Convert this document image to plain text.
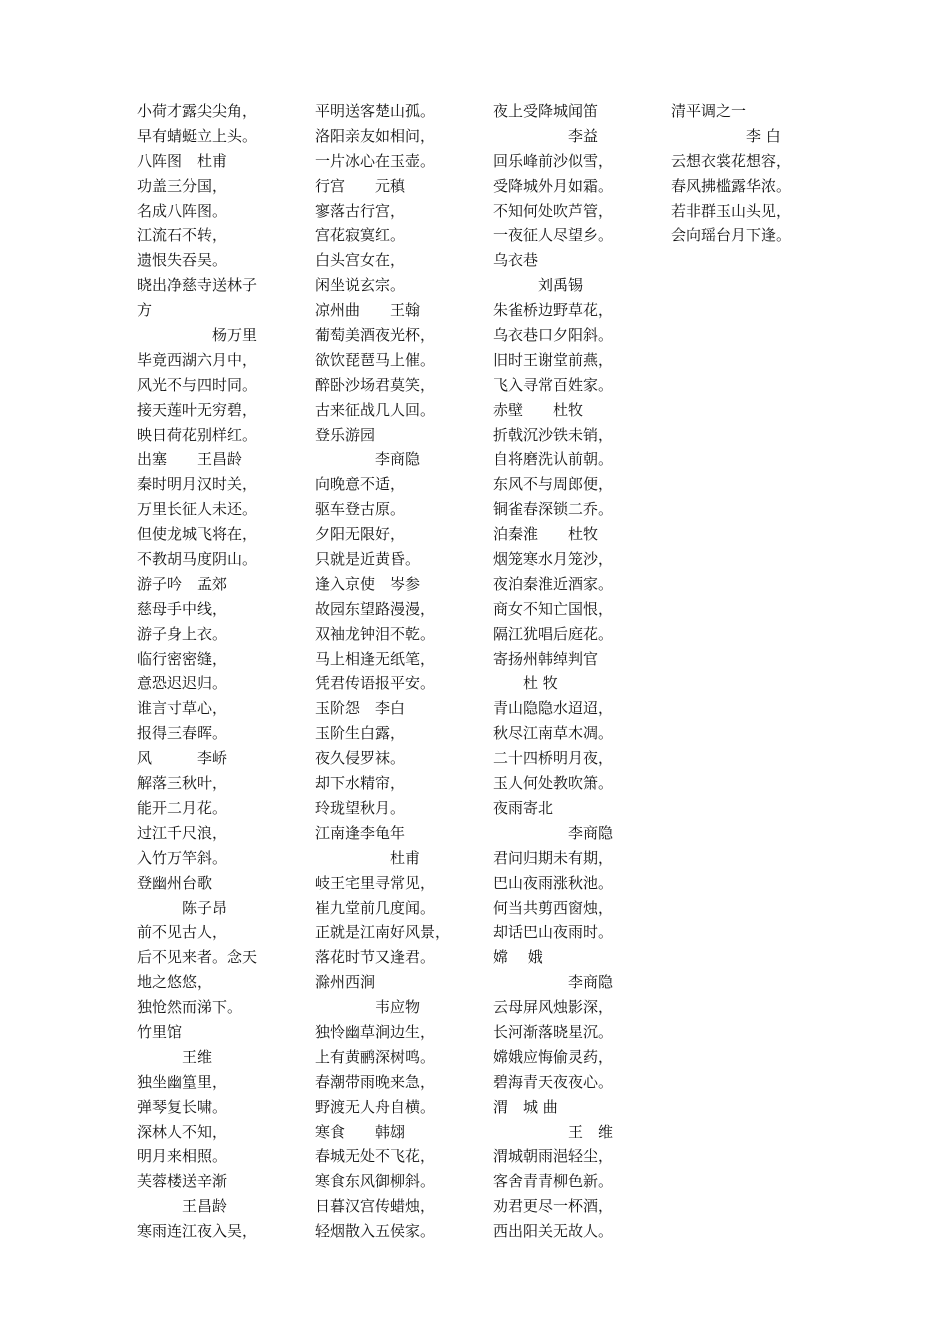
小荷才露尖尖角，
早有蜻蜓立上头。
八阵图　杜甫
功盖三分国，
名成八阵图。
江流石不转，
遗恨失吞吴。
晓出净慈寺送林子
方
　　　　　杨万里
毕竟西湖六月中，
风光不与四时同。
接天莲叶无穷碧，
映日荷花别样红。
出塞　　王昌龄
秦时明月汉时关，
万里长征人未还。
但使龙城飞将在，
不教胡马度阴山。
游子吟　孟郊
慈母手中线，
游子身上衣。
临行密密缝，
意恐迟迟归。
谁言寸草心，
报得三春晖。
风　　　李峤
解落三秋叶，
能开二月花。
过江千尺浪，
入竹万竿斜。
登幽州台歌
　　　陈子昂
前不见古人，
后不见来者。念天
地之悠悠，
独怆然而涕下。
竹里馆
　　　王维
独坐幽篁里，
弹琴复长啸。
深林人不知，
明月来相照。
芙蓉楼送辛渐
　　　王昌龄
寒雨连江夜入吴，
平明送客楚山孤。
洛阳亲友如相问，
一片冰心在玉壶。
行宫　　元稹
寥落古行宫，
宫花寂寞红。
白头宫女在，
闲坐说玄宗。
凉州曲　　王翰
葡萄美酒夜光杯，
欲饮琵琶马上催。
醉卧沙场君莫笑，
古来征战几人回。
登乐游园
　　　　李商隐
向晚意不适，
驱车登古原。
夕阳无限好，
只就是近黄昏。
逢入京使　岑参
故园东望路漫漫，
双袖龙钟泪不乾。
马上相逢无纸笔，
凭君传语报平安。
玉阶怨　李白
玉阶生白露，
夜久侵罗袜。
却下水精帘，
玲珑望秋月。
江南逢李龟年
　　　　　杜甫
岐王宅里寻常见，
崔九堂前几度闻。
正就是江南好风景，
落花时节又逢君。
滁州西涧
　　　　韦应物
独怜幽草涧边生，
上有黄鹂深树鸣。
春潮带雨晚来急，
野渡无人舟自横。
寒食　　韩翃
春城无处不飞花，
寒食东风御柳斜。
日暮汉宫传蜡烛，
轻烟散入五侯家。
夜上受降城闻笛
　　　　　李益
回乐峰前沙似雪，
受降城外月如霜。
不知何处吹芦管，
一夜征人尽望乡。
乌衣巷
　　　刘禹锡
朱雀桥边野草花，
乌衣巷口夕阳斜。
旧时王谢堂前燕，
飞入寻常百姓家。
赤壁　　杜牧
折戟沉沙铁未销，
自将磨洗认前朝。
东风不与周郎便，
铜雀春深锁二乔。
泊秦淮　　杜牧
烟笼寒水月笼沙，
夜泊秦淮近酒家。
商女不知亡国恨，
隔江犹唱后庭花。
寄扬州韩绰判官
　　杜 牧
青山隐隐水迢迢，
秋尽江南草木凋。
二十四桥明月夜，
玉人何处教吹箫。
夜雨寄北
　　　　　李商隐
君问归期未有期，
巴山夜雨涨秋池。
何当共剪西窗烛，
却话巴山夜雨时。
嫦　 娥
　　　　　李商隐
云母屏风烛影深，
长河渐落晓星沉。
嫦娥应悔偷灵药，
碧海青天夜夜心。
渭　城 曲
　　　　　王　维
渭城朝雨浥轻尘，
客舍青青柳色新。
劝君更尽一杯酒，
西出阳关无故人。
清平调之一
　　　　　李 白
云想衣裳花想容，
春风拂槛露华浓。
若非群玉山头见，
会向瑶台月下逢。
